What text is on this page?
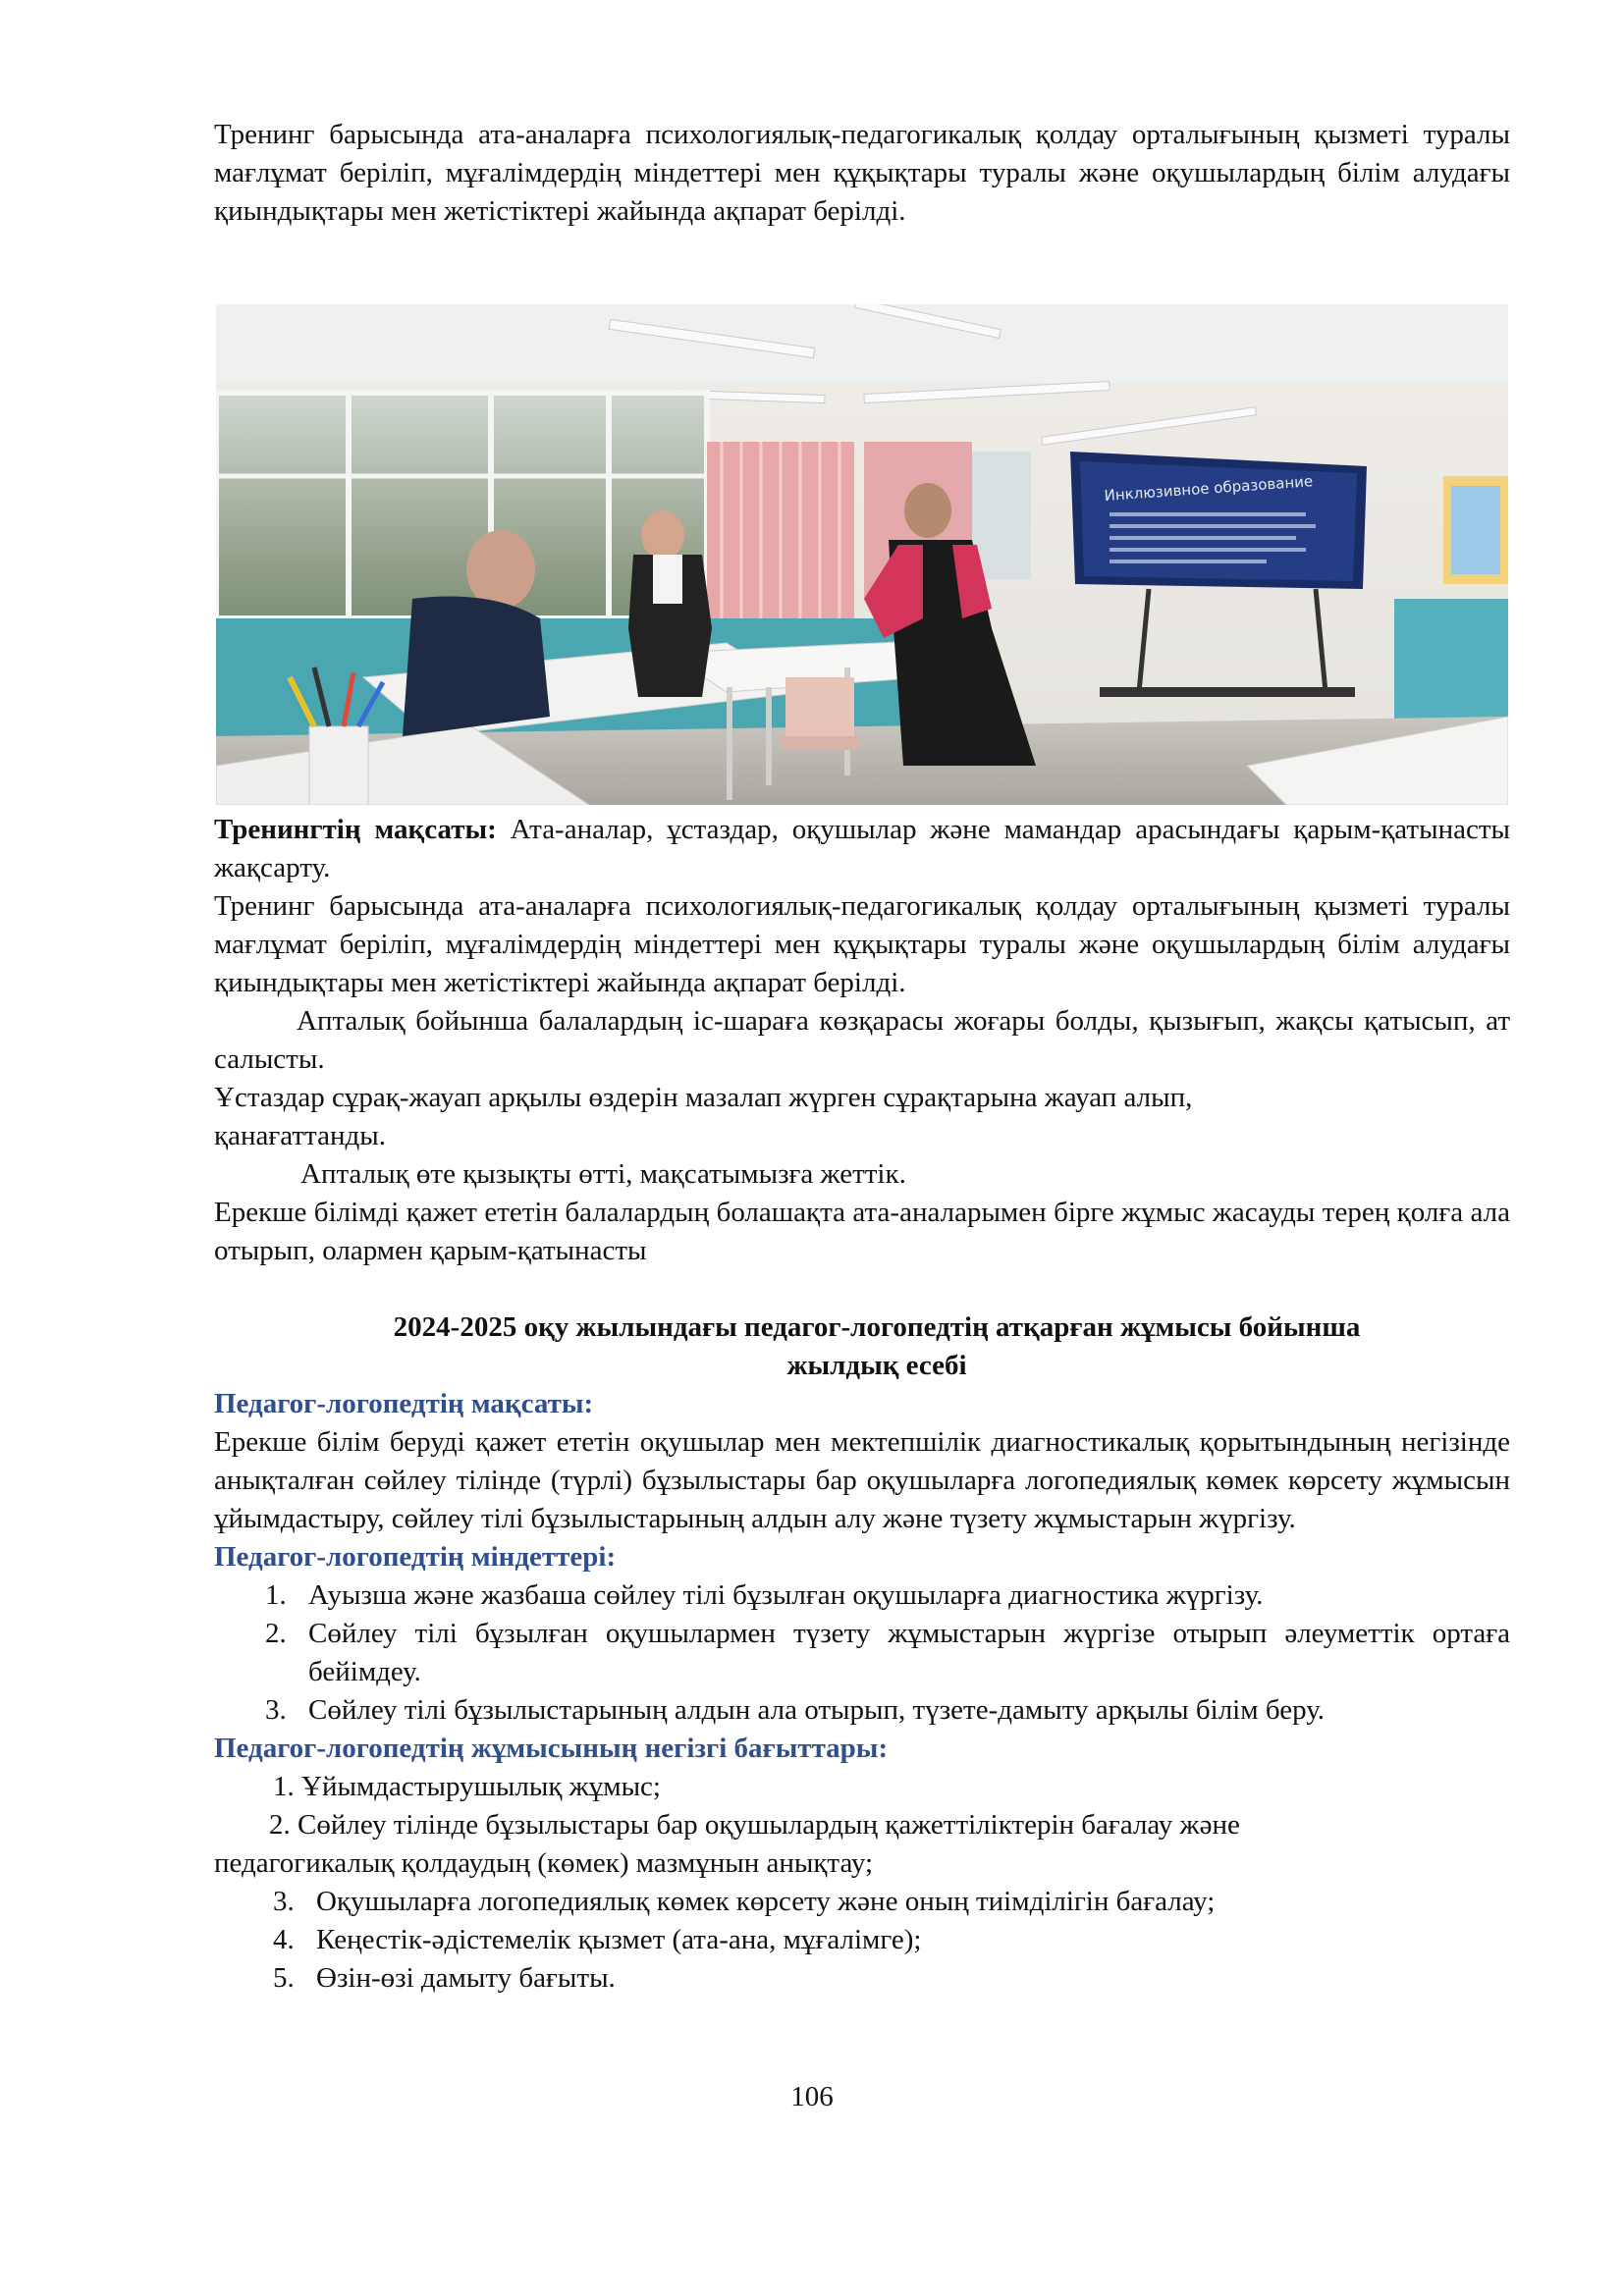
Тренинг барысында ата-аналарға психологиялық-педагогикалық қолдау орталығының қызметі туралы мағлұмат беріліп, мұғалімдердің міндеттері мен құқықтары туралы және оқушылардың білім алудағы қиындықтары мен жетістіктері жайында ақпарат берілді.

Инклюзивное образование

Тренингтің мақсаты: Ата-аналар, ұстаздар, оқушылар және мамандар арасындағы қарым-қатынасты жақсарту.

Тренинг барысында ата-аналарға психологиялық-педагогикалық қолдау орталығының қызметі туралы мағлұмат беріліп, мұғалімдердің міндеттері мен құқықтары туралы және оқушылардың білім алудағы қиындықтары мен жетістіктері жайында ақпарат берілді.

Апталық бойынша балалардың іс-шараға көзқарасы жоғары болды, қызығып, жақсы қатысып, ат салысты.

Ұстаздар сұрақ-жауап арқылы өздерін мазалап жүрген сұрақтарына жауап алып,

қанағаттанды.

Апталық өте қызықты өтті, мақсатымызға жеттік.

Ерекше білімді қажет ететін балалардың болашақта ата-аналарымен бірге жұмыс жасауды терең қолға ала отырып, олармен қарым-қатынасты

2024-2025 оқу жылындағы педагог-логопедтің атқарған жұмысы бойынша

жылдық есебі

Педагог-логопедтің мақсаты:

Ерекше білім беруді қажет ететін оқушылар мен мектепшілік диагностикалық қорытындының негізінде анықталған сөйлеу тілінде (түрлі) бұзылыстары бар оқушыларға логопедиялық көмек көрсету жұмысын ұйымдастыру, сөйлеу тілі бұзылыстарының алдын алу және түзету жұмыстарын жүргізу.

Педагог-логопедтің міндеттері:

1. Ауызша және жазбаша сөйлеу тілі бұзылған оқушыларға диагностика жүргізу.
2. Сөйлеу тілі бұзылған оқушылармен түзету жұмыстарын жүргізе отырып әлеуметтік ортаға бейімдеу.
3. Сөйлеу тілі бұзылыстарының алдын ала отырып, түзете-дамыту арқылы білім беру.

Педагог-логопедтің жұмысының негізгі бағыттары:

1. Ұйымдастырушылық жұмыс;

2. Сөйлеу тілінде бұзылыстары бар оқушылардың қажеттіліктерін бағалау және

педагогикалық қолдаудың (көмек) мазмұнын анықтау;

3. Оқушыларға логопедиялық көмек көрсету және оның тиімділігін бағалау;

4. Кеңестік-әдістемелік қызмет (ата-ана, мұғалімге);

5. Өзін-өзі дамыту бағыты.

106
